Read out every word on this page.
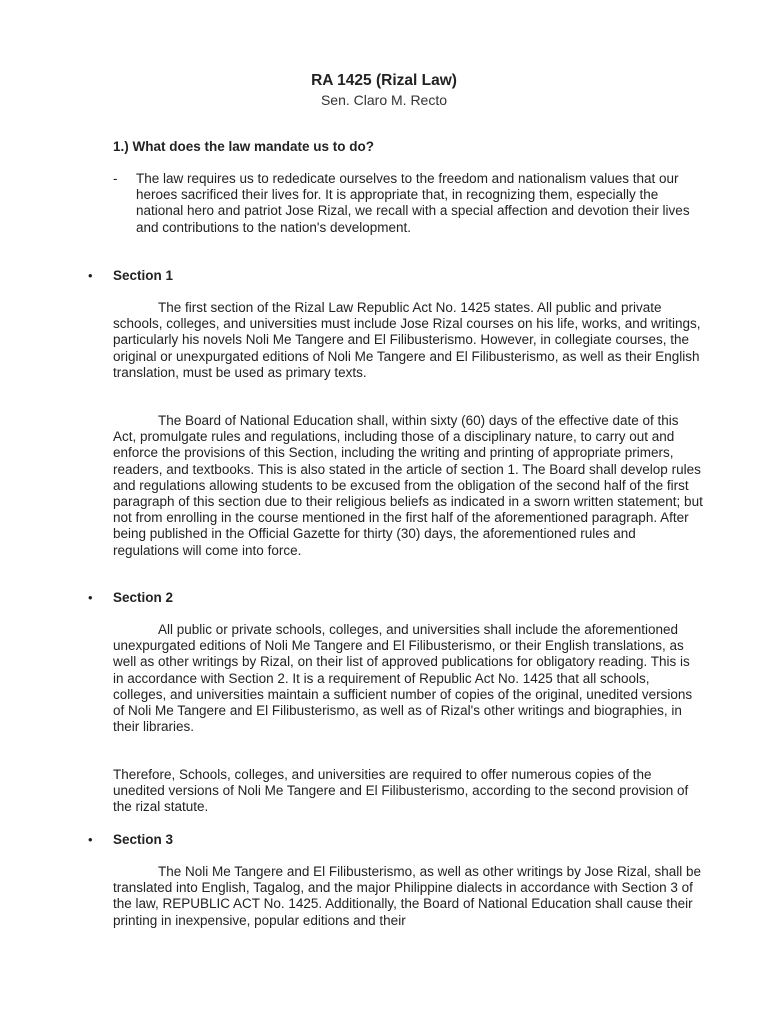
RA 1425 (Rizal Law)
Sen. Claro M. Recto
1.) What does the law mandate us to do?
- The law requires us to rededicate ourselves to the freedom and nationalism values that our heroes sacrificed their lives for. It is appropriate that, in recognizing them, especially the national hero and patriot Jose Rizal, we recall with a special affection and devotion their lives and contributions to the nation's development.
• Section 1

The first section of the Rizal Law Republic Act No. 1425 states. All public and private schools, colleges, and universities must include Jose Rizal courses on his life, works, and writings, particularly his novels Noli Me Tangere and El Filibusterismo. However, in collegiate courses, the original or unexpurgated editions of Noli Me Tangere and El Filibusterismo, as well as their English translation, must be used as primary texts.

The Board of National Education shall, within sixty (60) days of the effective date of this Act, promulgate rules and regulations, including those of a disciplinary nature, to carry out and enforce the provisions of this Section, including the writing and printing of appropriate primers, readers, and textbooks. This is also stated in the article of section 1. The Board shall develop rules and regulations allowing students to be excused from the obligation of the second half of the first paragraph of this section due to their religious beliefs as indicated in a sworn written statement; but not from enrolling in the course mentioned in the first half of the aforementioned paragraph. After being published in the Official Gazette for thirty (30) days, the aforementioned rules and regulations will come into force.

• Section 2

All public or private schools, colleges, and universities shall include the aforementioned unexpurgated editions of Noli Me Tangere and El Filibusterismo, or their English translations, as well as other writings by Rizal, on their list of approved publications for obligatory reading. This is in accordance with Section 2. It is a requirement of Republic Act No. 1425 that all schools, colleges, and universities maintain a sufficient number of copies of the original, unedited versions of Noli Me Tangere and El Filibusterismo, as well as of Rizal's other writings and biographies, in their libraries.

Therefore, Schools, colleges, and universities are required to offer numerous copies of the unedited versions of Noli Me Tangere and El Filibusterismo, according to the second provision of the rizal statute.

• Section 3

The Noli Me Tangere and El Filibusterismo, as well as other writings by Jose Rizal, shall be translated into English, Tagalog, and the major Philippine dialects in accordance with Section 3 of the law, REPUBLIC ACT No. 1425. Additionally, the Board of National Education shall cause their printing in inexpensive, popular editions and their
